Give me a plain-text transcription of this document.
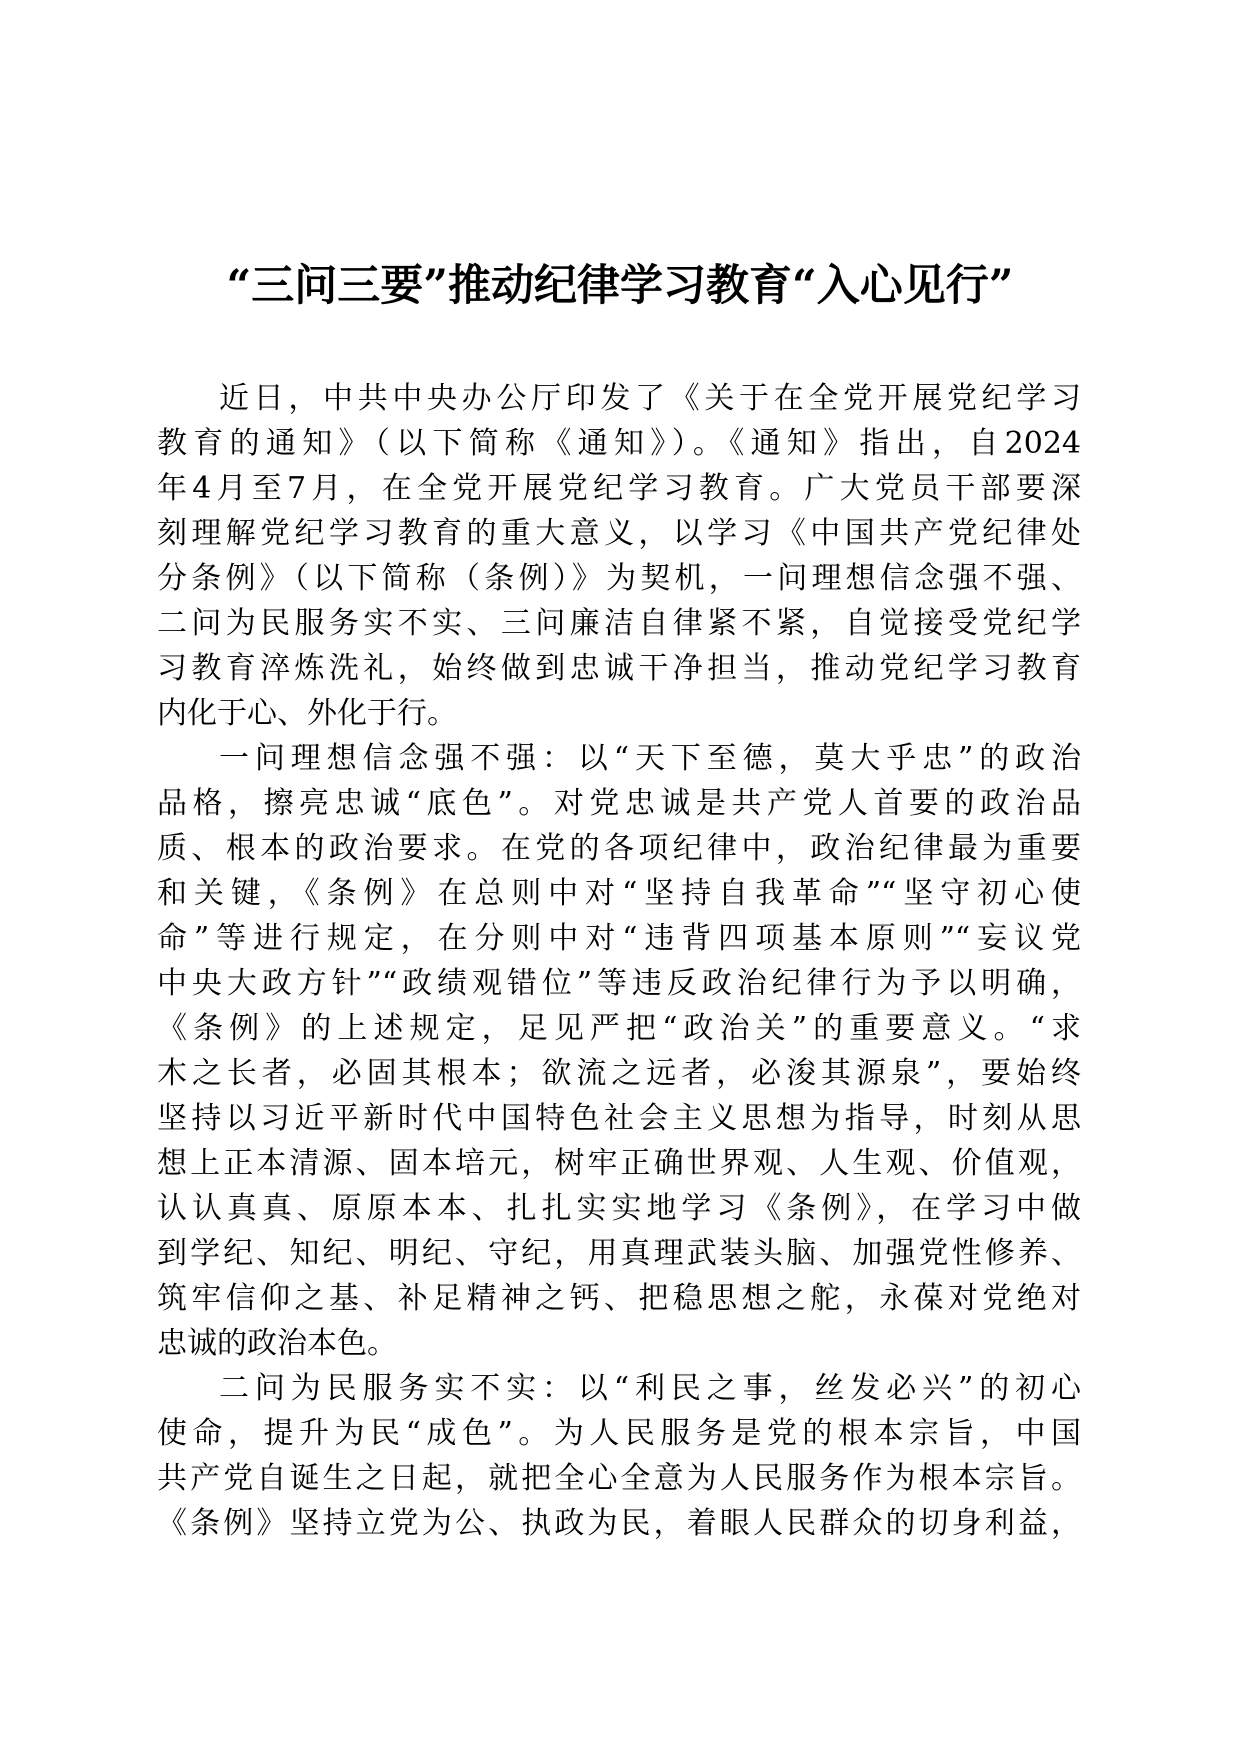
“三问三要”推动纪律学习教育“入心见行”

近日，中共中央办公厅印发了《关于在全党开展党纪学习
教育的通知》（以下简称《通知》）。《通知》指出，自2024
年4月至7月，在全党开展党纪学习教育。广大党员干部要深
刻理解党纪学习教育的重大意义，以学习《中国共产党纪律处
分条例》（以下简称（条例）》为契机，一问理想信念强不强、
二问为民服务实不实、三问廉洁自律紧不紧，自觉接受党纪学
习教育淬炼洗礼，始终做到忠诚干净担当，推动党纪学习教育
内化于心、外化于行。

一问理想信念强不强：以“天下至德，莫大乎忠”的政治
品格，擦亮忠诚“底色”。对党忠诚是共产党人首要的政治品
质、根本的政治要求。在党的各项纪律中，政治纪律最为重要
和关键，《条例》在总则中对“坚持自我革命”“坚守初心使
命”等进行规定，在分则中对“违背四项基本原则”“妄议党
中央大政方针”“政绩观错位”等违反政治纪律行为予以明确，
《条例》的上述规定，足见严把“政治关”的重要意义。“求
木之长者，必固其根本；欲流之远者，必浚其源泉”，要始终
坚持以习近平新时代中国特色社会主义思想为指导，时刻从思
想上正本清源、固本培元，树牢正确世界观、人生观、价值观，
认认真真、原原本本、扎扎实实地学习《条例》，在学习中做
到学纪、知纪、明纪、守纪，用真理武装头脑、加强党性修养、
筑牢信仰之基、补足精神之钙、把稳思想之舵，永葆对党绝对
忠诚的政治本色。

二问为民服务实不实：以“利民之事，丝发必兴”的初心
使命，提升为民“成色”。为人民服务是党的根本宗旨，中国
共产党自诞生之日起，就把全心全意为人民服务作为根本宗旨。
《条例》坚持立党为公、执政为民，着眼人民群众的切身利益，
